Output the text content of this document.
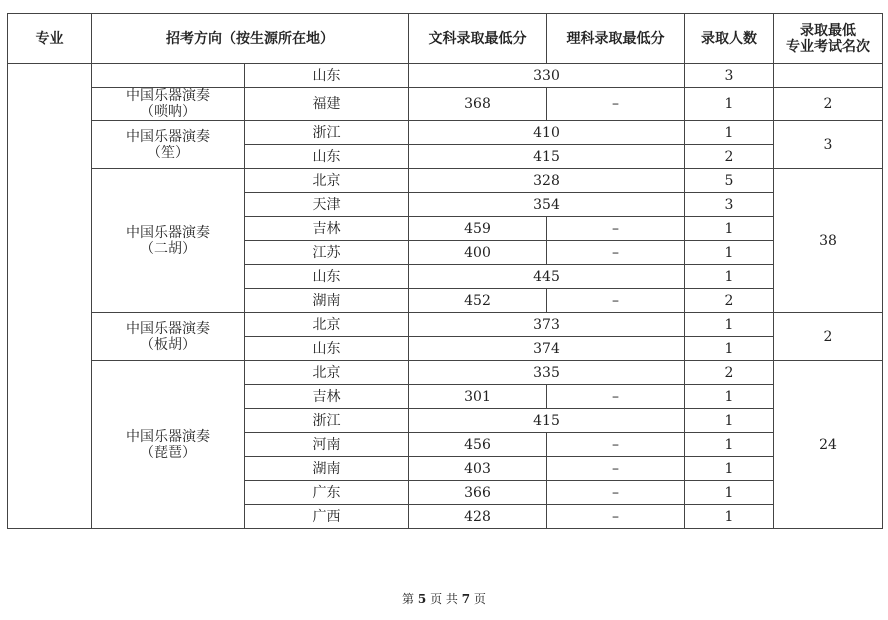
专业	招考方向（按生源所在地）		文科录取最低分	理科录取最低分	录取人数	录取最低
专业考试名次

		山东	330		3	

	中国乐器演奏
（唢呐）	福建	368	–	1	2

	中国乐器演奏
（笙）	浙江	410		1	3
		山东	415		2	

	中国乐器演奏
（二胡）	北京	328		5	38
		天津	354		3	
		吉林	459	–	1	
		江苏	400	–	1	
		山东	445		1	
		湖南	452	–	2	

	中国乐器演奏
（板胡）	北京	373		1	2
		山东	374		1	

	中国乐器演奏
（琵琶）	北京	335		2	24
		吉林	301	–	1	
		浙江	415		1	
		河南	456	–	1	
		湖南	403	–	1	
		广东	366	–	1	
		广西	428	–	1	
第 5 页 共 7 页
